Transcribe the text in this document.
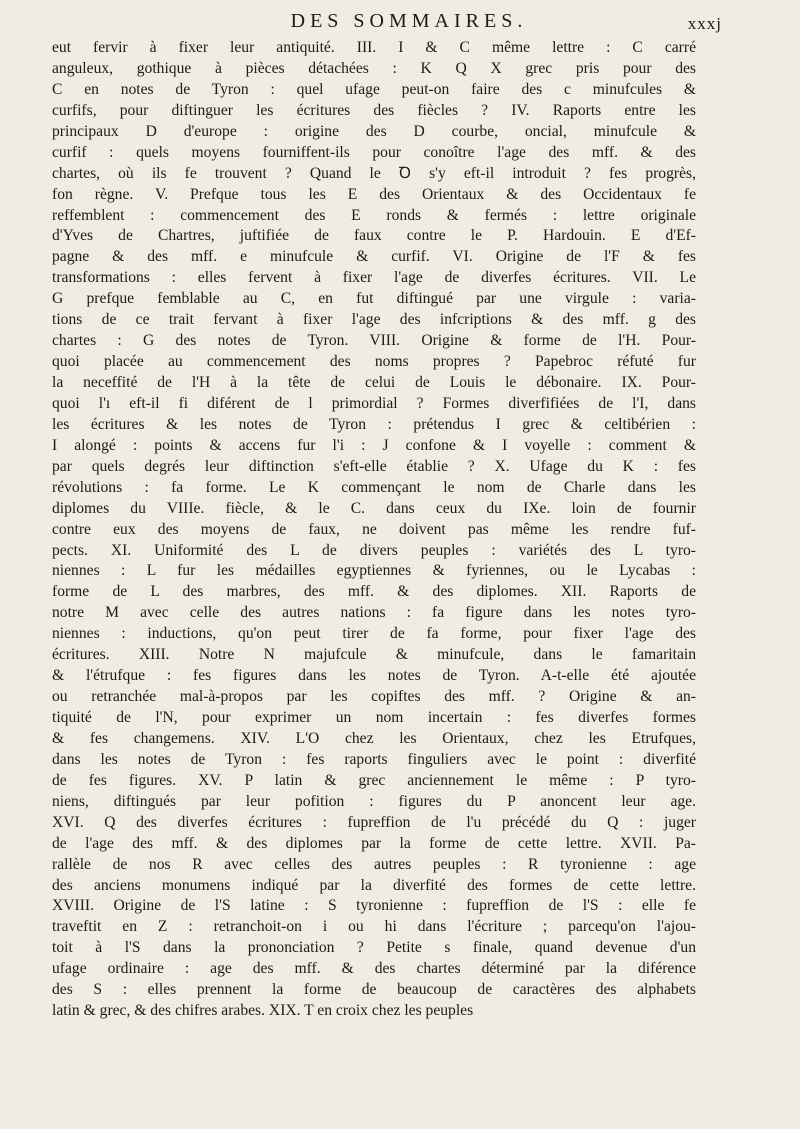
DES SOMMAIRES.	xxxj
eut fervir à fixer leur antiquité. III. I & C même lettre : C carré
anguleux, gothique à pièces détachées : K Q X grec pris pour des
C en notes de Tyron : quel ufage peut-on faire des c minufcules &
curfifs, pour diftinguer les écritures des fiècles ? IV. Raports entre les
principaux D d'europe : origine des D courbe, oncial, minufcule &
curfif : quels moyens fourniffent-ils pour conoître l'age des mff. & des
chartes, où ils fe trouvent ? Quand le Ꝺ s'y eft-il introduit ? fes progrès,
fon règne. V. Prefque tous les E des Orientaux & des Occidentaux fe
reffemblent : commencement des E ronds & fermés : lettre originale
d'Yves de Chartres, juftifiée de faux contre le P. Hardouin. E d'Ef-
pagne & des mff. e minufcule & curfif. VI. Origine de l'F & fes
transformations : elles fervent à fixer l'age de diverfes écritures. VII. Le
G prefque femblable au C, en fut diftingué par une virgule : varia-
tions de ce trait fervant à fixer l'age des infcriptions & des mff. g des
chartes : G des notes de Tyron. VIII. Origine & forme de l'H. Pour-
quoi placée au commencement des noms propres ? Papebroc réfuté fur
la neceffité de l'H à la tête de celui de Louis le débonaire. IX. Pour-
quoi l'ı eft-il fi diférent de l primordial ? Formes diverfifiées de l'I, dans
les écritures & les notes de Tyron : prétendus I grec & celtibérien :
I alongé : points & accens fur l'i : J confone & I voyelle : comment &
par quels degrés leur diftinction s'eft-elle établie ? X. Ufage du K : fes
révolutions : fa forme. Le K commençant le nom de Charle dans les
diplomes du VIIIe. fiècle, & le C. dans ceux du IXe. loin de fournir
contre eux des moyens de faux, ne doivent pas même les rendre fuf-
pects. XI. Uniformité des L de divers peuples : variétés des L tyro-
niennes : L fur les médailles egyptiennes & fyriennes, ou le Lycabas :
forme de L des marbres, des mff. & des diplomes. XII. Raports de
notre M avec celle des autres nations : fa figure dans les notes tyro-
niennes : inductions, qu'on peut tirer de fa forme, pour fixer l'age des
écritures. XIII. Notre N majufcule & minufcule, dans le famaritain
& l'étrufque : fes figures dans les notes de Tyron. A-t-elle été ajoutée
ou retranchée mal-à-propos par les copiftes des mff. ? Origine & an-
tiquité de l'N, pour exprimer un nom incertain : fes diverfes formes
& fes changemens. XIV. L'O chez les Orientaux, chez les Etrufques,
dans les notes de Tyron : fes raports finguliers avec le point : diverfité
de fes figures. XV. P latin & grec anciennement le même : P tyro-
niens, diftingués par leur pofition : figures du P anoncent leur age.
XVI. Q des diverfes écritures : fupreffion de l'u précédé du Q : juger
de l'age des mff. & des diplomes par la forme de cette lettre. XVII. Pa-
rallèle de nos R avec celles des autres peuples : R tyronienne : age
des anciens monumens indiqué par la diverfité des formes de cette lettre.
XVIII. Origine de l'S latine : S tyronienne : fupreffion de l'S : elle fe
traveftit en Z : retranchoit-on i ou hi dans l'écriture ; parcequ'on l'ajou-
toit à l'S dans la prononciation ? Petite s finale, quand devenue d'un
ufage ordinaire : age des mff. & des chartes déterminé par la diférence
des S : elles prennent la forme de beaucoup de caractères des alphabets
latin & grec, & des chifres arabes. XIX. T en croix chez les peuples
